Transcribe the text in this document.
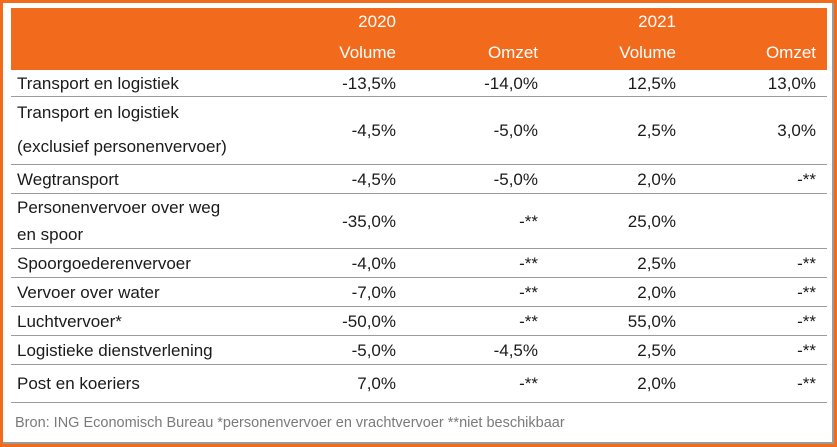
2020	2021
Volume	Omzet	Volume	Omzet
Transport en logistiek	-13,5%	-14,0%	12,5%	13,0%
Transport en logistiek
(exclusief personenvervoer)
-4,5%	-5,0%	2,5%	3,0%
Wegtransport	-4,5%	-5,0%	2,0%	-**
Personenvervoer over weg
en spoor
-35,0%	-**	25,0%
Spoorgoederenvervoer	-4,0%	-**	2,5%	-**
Vervoer over water	-7,0%	-**	2,0%	-**
Luchtvervoer*	-50,0%	-**	55,0%	-**
Logistieke dienstverlening	-5,0%	-4,5%	2,5%	-**
Post en koeriers	7,0%	-**	2,0%	-**
Bron: ING Economisch Bureau *personenvervoer en vrachtvervoer **niet beschikbaar
